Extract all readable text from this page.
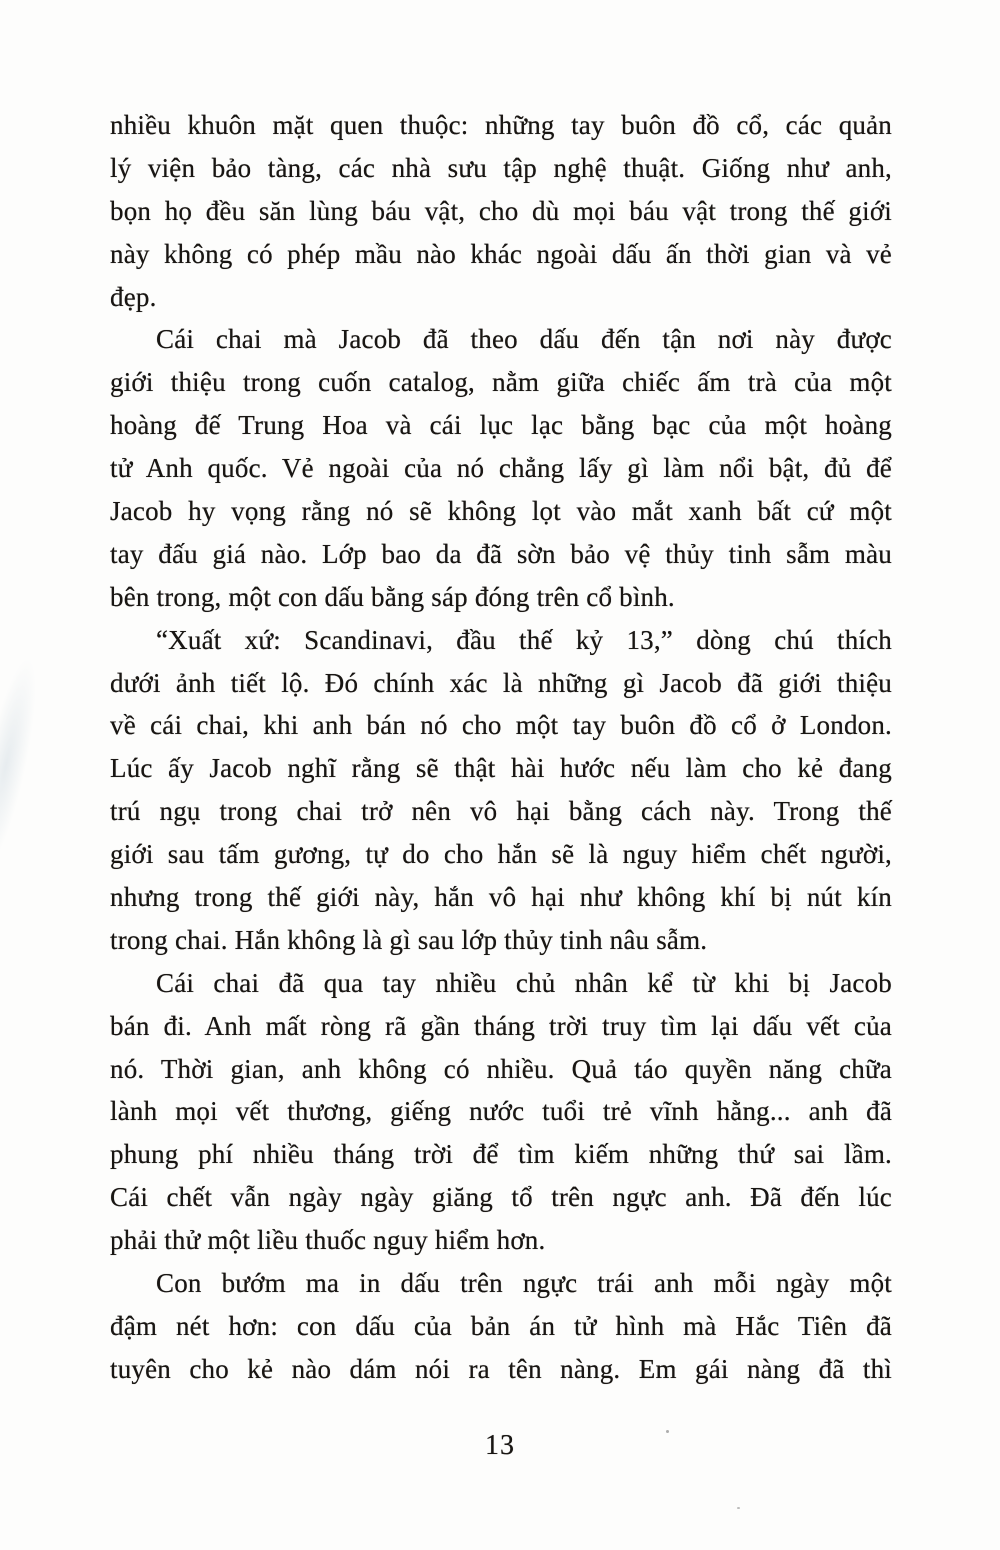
nhiều khuôn mặt quen thuộc: những tay buôn đồ cổ, các quản
lý viện bảo tàng, các nhà sưu tập nghệ thuật. Giống như anh,
bọn họ đều săn lùng báu vật, cho dù mọi báu vật trong thế giới
này không có phép mầu nào khác ngoài dấu ấn thời gian và vẻ
đẹp.
Cái chai mà Jacob đã theo dấu đến tận nơi này được
giới thiệu trong cuốn catalog, nằm giữa chiếc ấm trà của một
hoàng đế Trung Hoa và cái lục lạc bằng bạc của một hoàng
tử Anh quốc. Vẻ ngoài của nó chẳng lấy gì làm nổi bật, đủ để
Jacob hy vọng rằng nó sẽ không lọt vào mắt xanh bất cứ một
tay đấu giá nào. Lớp bao da đã sờn bảo vệ thủy tinh sẫm màu
bên trong, một con dấu bằng sáp đóng trên cổ bình.
“Xuất xứ: Scandinavi, đầu thế kỷ 13,” dòng chú thích
dưới ảnh tiết lộ. Đó chính xác là những gì Jacob đã giới thiệu
về cái chai, khi anh bán nó cho một tay buôn đồ cổ ở London.
Lúc ấy Jacob nghĩ rằng sẽ thật hài hước nếu làm cho kẻ đang
trú ngụ trong chai trở nên vô hại bằng cách này. Trong thế
giới sau tấm gương, tự do cho hắn sẽ là nguy hiểm chết người,
nhưng trong thế giới này, hắn vô hại như không khí bị nút kín
trong chai. Hắn không là gì sau lớp thủy tinh nâu sẫm.
Cái chai đã qua tay nhiều chủ nhân kể từ khi bị Jacob
bán đi. Anh mất ròng rã gần tháng trời truy tìm lại dấu vết của
nó. Thời gian, anh không có nhiều. Quả táo quyền năng chữa
lành mọi vết thương, giếng nước tuổi trẻ vĩnh hằng... anh đã
phung phí nhiều tháng trời để tìm kiếm những thứ sai lầm.
Cái chết vẫn ngày ngày giăng tổ trên ngực anh. Đã đến lúc
phải thử một liều thuốc nguy hiểm hơn.
Con bướm ma in dấu trên ngực trái anh mỗi ngày một
đậm nét hơn: con dấu của bản án tử hình mà Hắc Tiên đã
tuyên cho kẻ nào dám nói ra tên nàng. Em gái nàng đã thì
13
